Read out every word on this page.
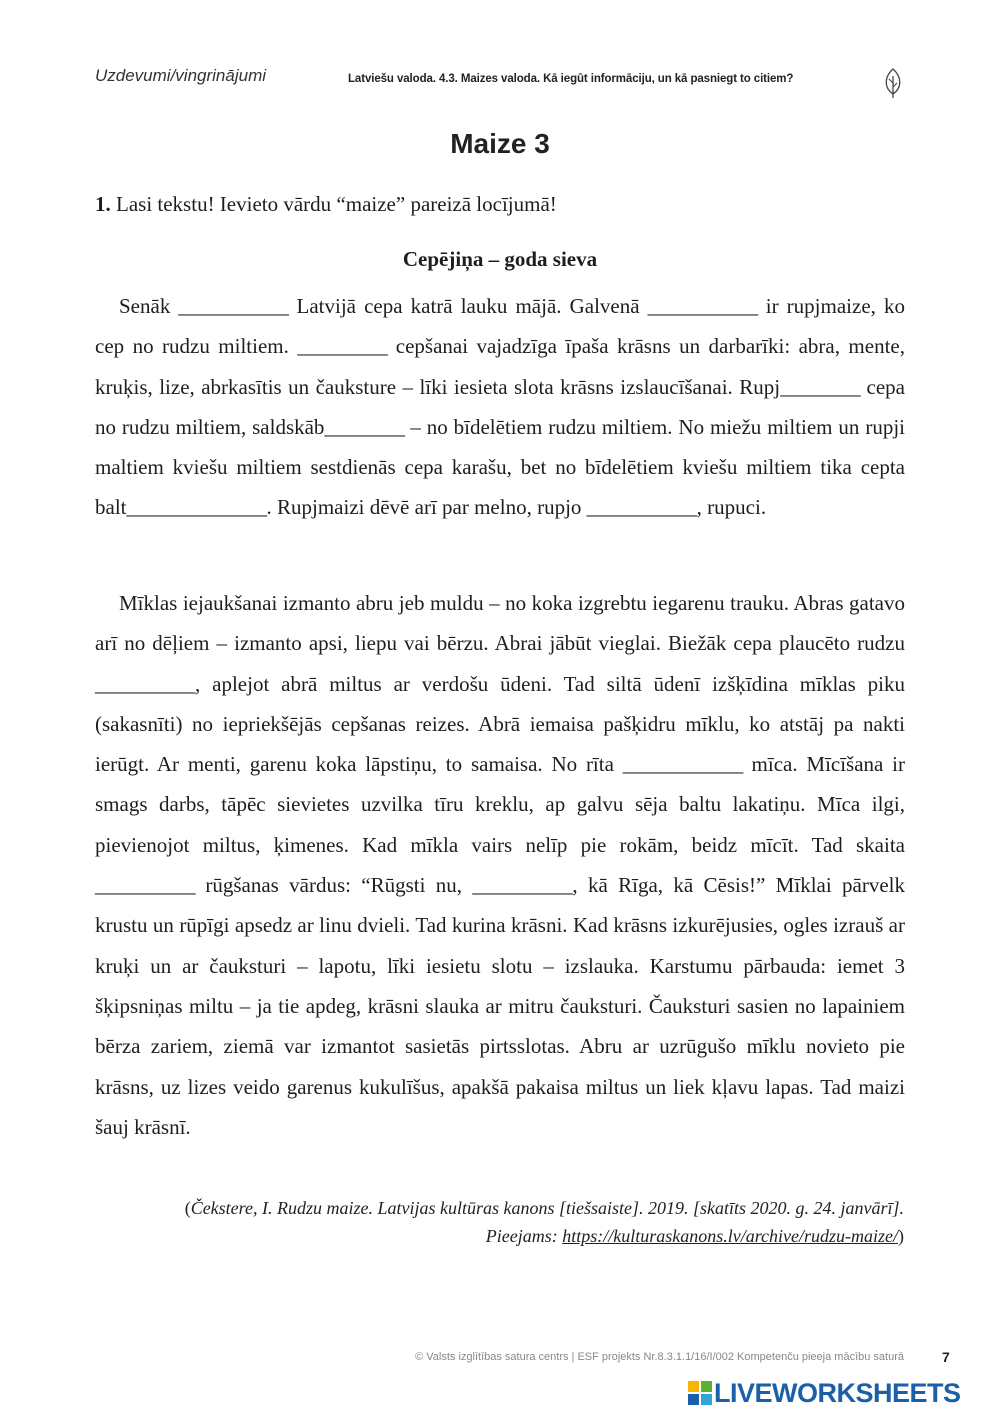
Uzdevumi/vingrinājumi	Latviešu valoda. 4.3. Maizes valoda. Kā iegūt informāciju, un kā pasniegt to citiem?
Maize 3
1. Lasi tekstu! Ievieto vārdu “maize” pareizā locījumā!
Cepējiņa – goda sieva

Senāk ___________ Latvijā cepa katrā lauku mājā. Galvenā ___________ ir rupjmaize, ko cep no rudzu miltiem. _________ cepšanai vajadzīga īpaša krāsns un darbarīki: abra, mente, kruķis, lize, abrkasītis un čauksture – līki iesieta slota krāsns izslaucīšanai. Rupj________ cepa no rudzu miltiem, saldskāb________ – no bīdelētiem rudzu miltiem. No miežu miltiem un rupji maltiem kviešu miltiem sestdienās cepa karašu, bet no bīdelētiem kviešu miltiem tika cepta balt______________. Rupjmaizi dēvē arī par melno, rupjo ___________, rupuci.

Mīklas iejaukšanai izmanto abru jeb muldu – no koka izgrebtu iegarenu trauku. Abras gatavo arī no dēļiem – izmanto apsi, liepu vai bērzu. Abrai jābūt vieglai. Biežāk cepa plaucēto rudzu __________, aplejot abrā miltus ar verdošu ūdeni. Tad siltā ūdenī izšķīdina mīklas piku (sakasnīti) no iepriekšējās cepšanas reizes. Abrā iemaisa pašķidru mīklu, ko atstāj pa nakti ierūgt. Ar menti, garenu koka lāpstiņu, to samaisa. No rīta ____________ mīca. Mīcīšana ir smags darbs, tāpēc sievietes uzvilka tīru kreklu, ap galvu sēja baltu lakatiņu. Mīca ilgi, pievienojot miltus, ķimenes. Kad mīkla vairs nelīp pie rokām, beidz mīcīt. Tad skaita __________ rūgšanas vārdus: “Rūgsti nu, __________, kā Rīga, kā Cēsis!” Mīklai pārvelk krustu un rūpīgi apsedz ar linu dvieli. Tad kurina krāsni. Kad krāsns izkurējusies, ogles izrauš ar kruķi un ar čauksturi – lapotu, līki iesietu slotu – izslauka. Karstumu pārbauda: iemet 3 šķipsniņas miltu – ja tie apdeg, krāsni slauka ar mitru čauksturi. Čauksturi sasien no lapainiem bērza zariem, ziemā var izmantot sasietās pirtsslotas. Abru ar uzrūgušo mīklu novieto pie krāsns, uz lizes veido garenus kukulīšus, apakšā pakaisa miltus un liek kļavu lapas. Tad maizi šauj krāsnī.

(Čekstere, I. Rudzu maize. Latvijas kultūras kanons [tiešsaiste]. 2019. [skatīts 2020. g. 24. janvārī]. Pieejams: https://kulturaskanons.lv/archive/rudzu-maize/)
© Valsts izglītības satura centrs | ESF projekts Nr.8.3.1.1/16/I/002 Kompetenču pieeja mācību saturā	7
LIVEWORKSHEETS
